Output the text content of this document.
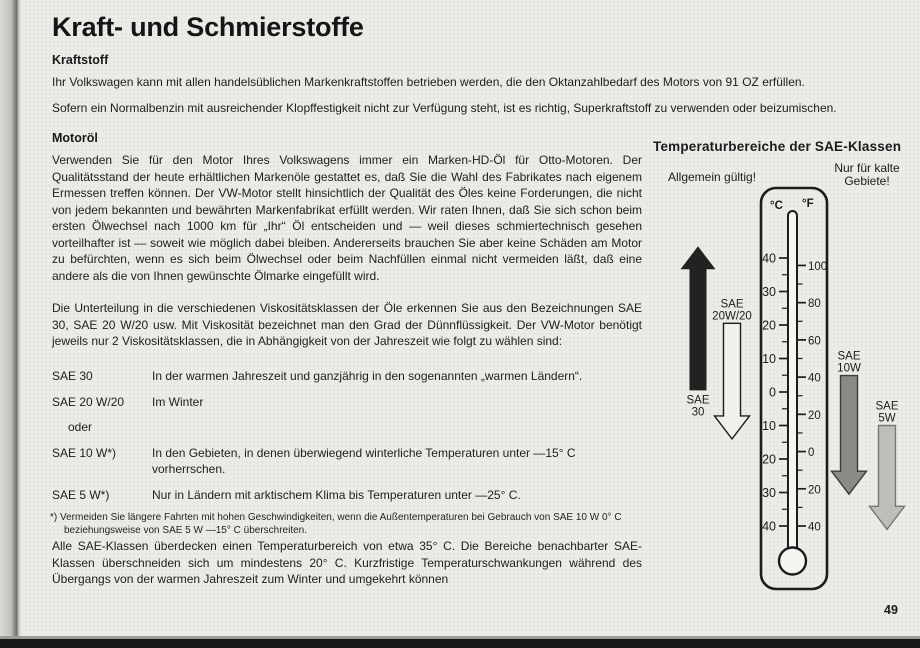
Kraft- und Schmierstoffe

Kraftstoff

Ihr Volkswagen kann mit allen handelsüblichen Markenkraftstoffen betrieben werden, die den Oktanzahlbedarf des Motors von 91 OZ erfüllen.

Sofern ein Normalbenzin mit ausreichender Klopffestigkeit nicht zur Verfügung steht, ist es richtig, Superkraftstoff zu verwenden oder beizumischen.

Motoröl

Verwenden Sie für den Motor Ihres Volkswagens immer ein Marken-HD-Öl für Otto-Motoren. Der Qualitätsstand der heute erhältlichen Markenöle gestattet es, daß Sie die Wahl des Fabrikates nach eigenem Ermessen treffen können. Der VW-Motor stellt hinsichtlich der Qualität des Öles keine Forderungen, die nicht von jedem bekannten und bewährten Markenfabrikat erfüllt werden. Wir raten Ihnen, daß Sie sich schon beim ersten Ölwechsel nach 1000 km für „Ihr“ Öl entscheiden und — weil dieses schmiertechnisch gesehen vorteilhafter ist — soweit wie möglich dabei bleiben. Andererseits brauchen Sie aber keine Schäden am Motor zu befürchten, wenn es sich beim Ölwechsel oder beim Nachfüllen einmal nicht vermeiden läßt, daß eine andere als die von Ihnen gewünschte Ölmarke eingefüllt wird.

Die Unterteilung in die verschiedenen Viskositätsklassen der Öle erkennen Sie aus den Bezeichnungen SAE 30, SAE 20 W/20 usw. Mit Viskosität bezeichnet man den Grad der Dünnflüssigkeit. Der VW-Motor benötigt jeweils nur 2 Viskositätsklassen, die in Abhängigkeit von der Jahreszeit wie folgt zu wählen sind:

SAE 30	In der warmen Jahreszeit und ganzjährig in den sogenannten „warmen Ländern“.
SAE 20 W/20	Im Winter
oder
SAE 10 W*)	In den Gebieten, in denen überwiegend winterliche Temperaturen unter —15° C vorherrschen.
SAE 5 W*)	Nur in Ländern mit arktischem Klima bis Temperaturen unter —25° C.

*) Vermeiden Sie längere Fahrten mit hohen Geschwindigkeiten, wenn die Außentemperaturen bei Gebrauch von SAE 10 W 0° C beziehungsweise von SAE 5 W —15° C überschreiten.

Alle SAE-Klassen überdecken einen Temperaturbereich von etwa 35° C. Die Bereiche benachbarter SAE-Klassen überschneiden sich um mindestens 20° C. Kurzfristige Temperaturschwankungen während des Übergangs von der warmen Jahreszeit zum Winter und umgekehrt können

Temperaturbereiche der SAE-Klassen
Allgemein gültig!
Nur für kalte
Gebiete!
°C °F
40
30
20
10
0
10
20
30
40
100
80
60
40
20
0
20
40
SAE
30
SAE
20W/20
SAE
10W
SAE
5W
49
